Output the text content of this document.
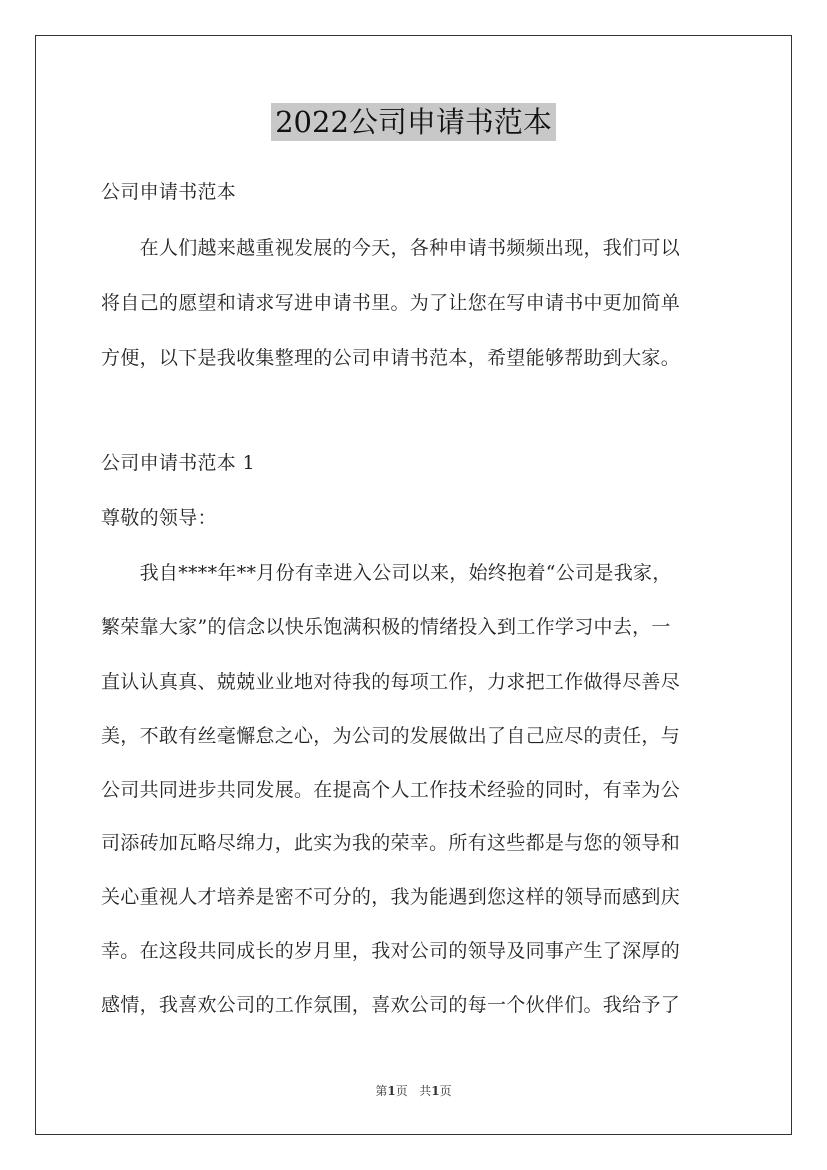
2022公司申请书范本

公司申请书范本

　　在人们越来越重视发展的今天，各种申请书频频出现，我们可以

将自己的愿望和请求写进申请书里。为了让您在写申请书中更加简单

方便，以下是我收集整理的公司申请书范本，希望能够帮助到大家。

公司申请书范本 1

尊敬的领导：

　　我自****年**月份有幸进入公司以来，始终抱着“公司是我家，

繁荣靠大家”的信念以快乐饱满积极的情绪投入到工作学习中去，一

直认认真真、兢兢业业地对待我的每项工作，力求把工作做得尽善尽

美，不敢有丝毫懈怠之心，为公司的发展做出了自己应尽的责任，与

公司共同进步共同发展。在提高个人工作技术经验的同时，有幸为公

司添砖加瓦略尽绵力，此实为我的荣幸。所有这些都是与您的领导和

关心重视人才培养是密不可分的，我为能遇到您这样的领导而感到庆

幸。在这段共同成长的岁月里，我对公司的领导及同事产生了深厚的

感情，我喜欢公司的工作氛围，喜欢公司的每一个伙伴们。我给予了

第1页 共1页
